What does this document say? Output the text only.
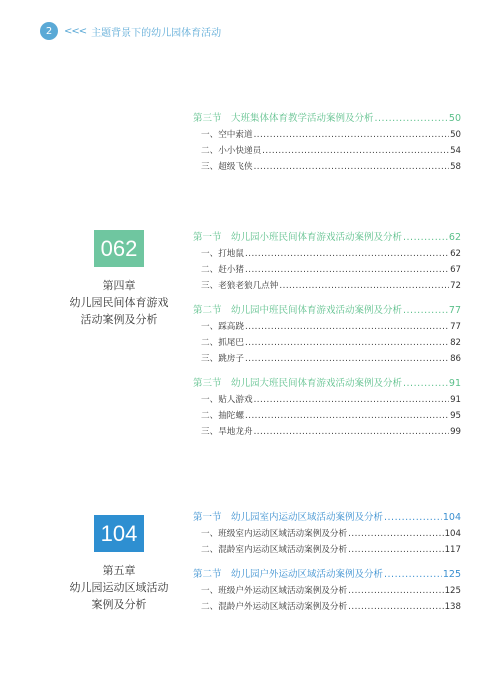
2	<<< 主题背景下的幼儿园体育活动
第三节　大班集体体育教学活动案例及分析 .....	50
一、空中索道 .....	50
二、小小快递员 .....	54
三、超级飞侠 .....	58
062
第四章
幼儿园民间体育游戏
活动案例及分析
第一节　幼儿园小班民间体育游戏活动案例及分析 .....	62
一、打地鼠 .....	62
二、赶小猪 .....	67
三、老狼老狼几点钟 .....	72
第二节　幼儿园中班民间体育游戏活动案例及分析 .....	77
一、踩高跷 .....	77
二、抓尾巴 .....	82
三、跳房子 .....	86
第三节　幼儿园大班民间体育游戏活动案例及分析 .....	91
一、贴人游戏 .....	91
二、抽陀螺 .....	95
三、旱地龙舟 .....	99
104
第五章
幼儿园运动区域活动
案例及分析
第一节　幼儿园室内运动区域活动案例及分析 .....	104
一、班级室内运动区域活动案例及分析 .....	104
二、混龄室内运动区域活动案例及分析 .....	117
第二节　幼儿园户外运动区域活动案例及分析 .....	125
一、班级户外运动区域活动案例及分析 .....	125
二、混龄户外运动区域活动案例及分析 .....	138
